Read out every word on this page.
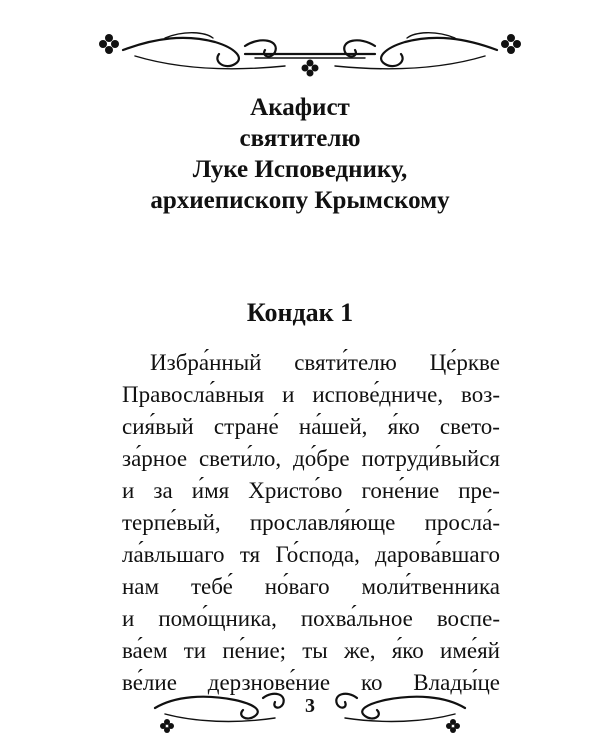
Акафист
святителю
Луке Исповеднику,
архиепископу Крымскому
Кондак 1
Избра́нный святи́телю Це́ркве
Правосла́вныя и испове́дниче, воз-
сия́вый стране́ на́шей, я́ко свето-
за́рное свети́ло, до́бре потруди́выйся
и за и́мя Христо́во гоне́ние пре-
терпе́вый, прославля́юще просла́-
ла́вльшаго тя Го́спода, дарова́вшаго
нам тебе́ но́ваго моли́твенника
и помо́щника, похва́льное воспе-
ва́ем ти пе́ние; ты же, я́ко име́яй
ве́лие дерзнове́ние ко Влады́це
3
